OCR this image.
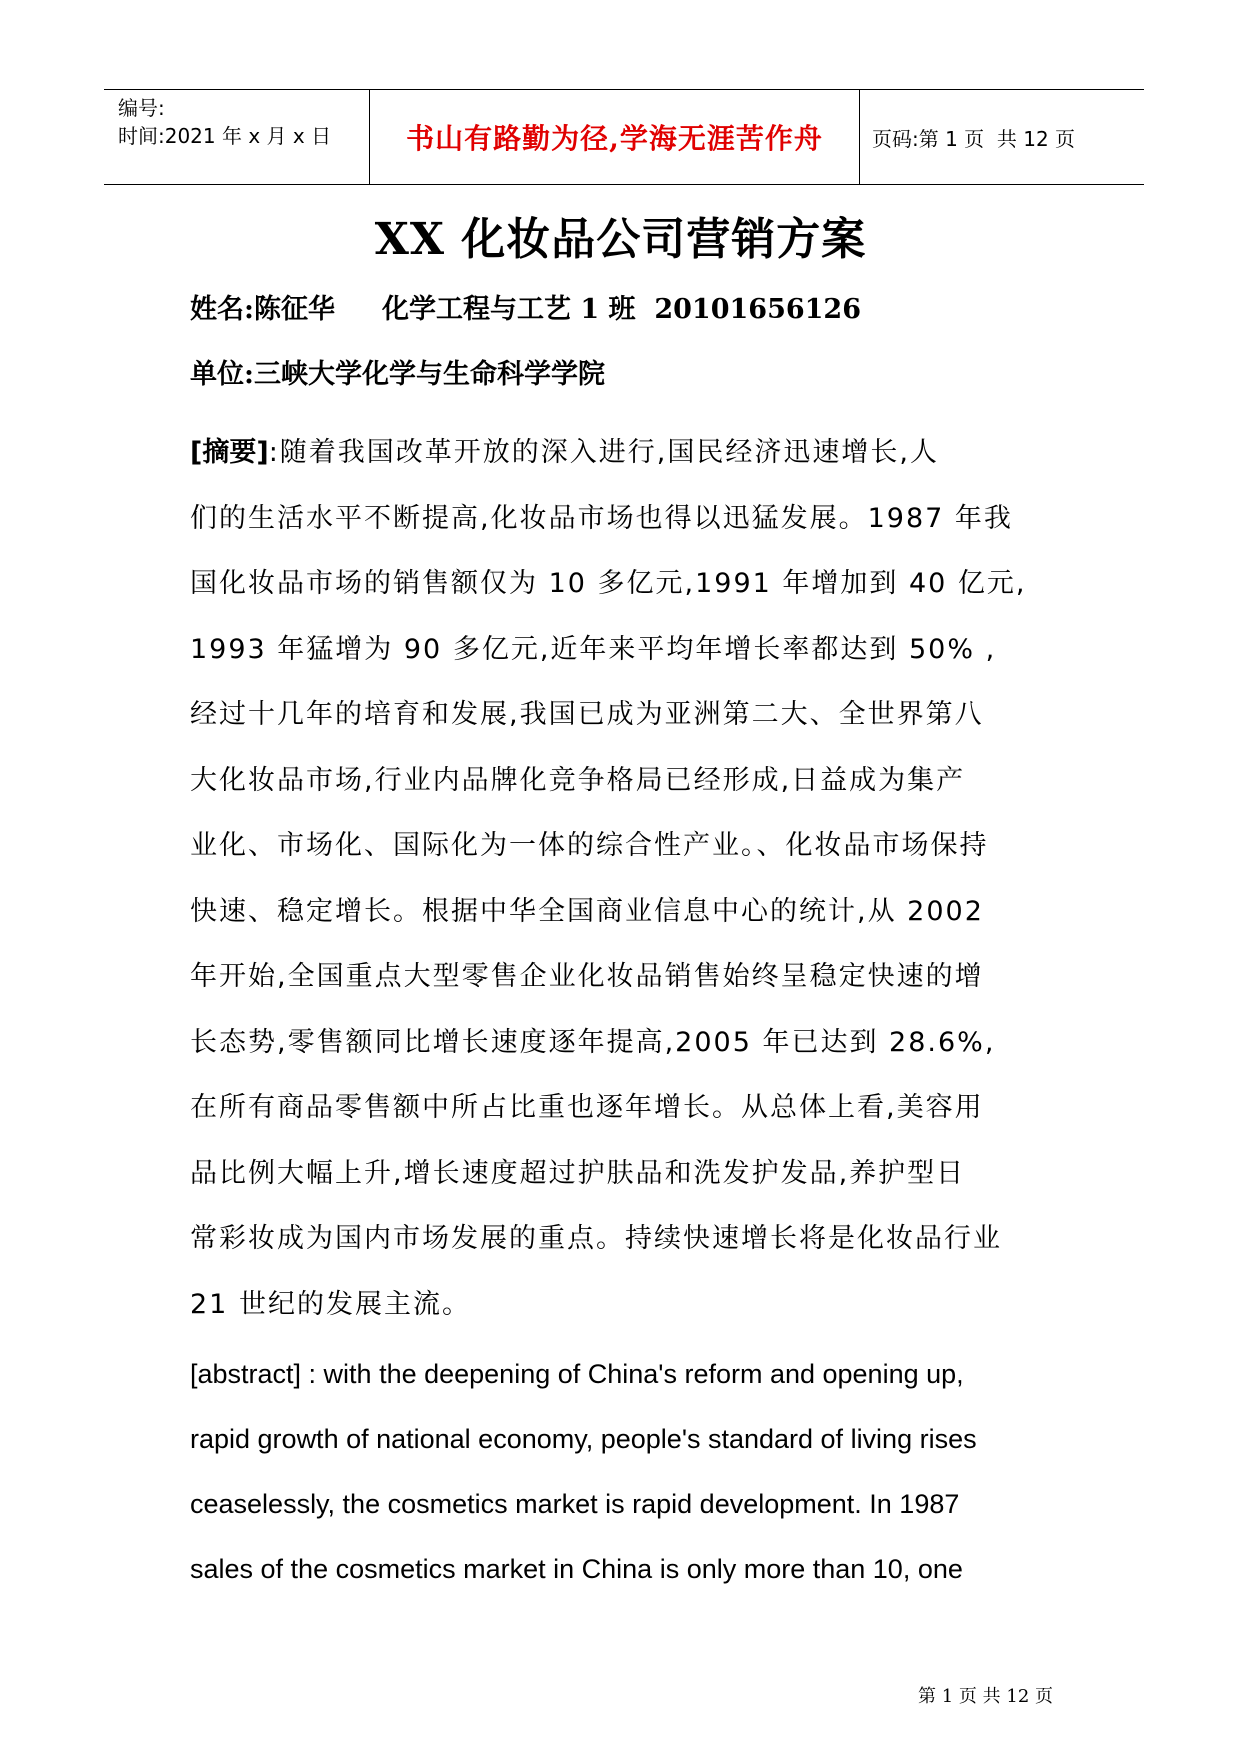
编号:
时间:2021 年 x 月 x 日	书山有路勤为径,学海无涯苦作舟 页码:第 1 页  共 12 页
XX 化妆品公司营销方案
姓名:陈征华     化学工程与工艺 1 班  20101656126
单位:三峡大学化学与生命科学学院
[摘要]:随着我国改革开放的深入进行,国民经济迅速增长,人
们的生活水平不断提高,化妆品市场也得以迅猛发展。1987 年我
国化妆品市场的销售额仅为 10 多亿元,1991 年增加到 40 亿元,
1993 年猛增为 90 多亿元,近年来平均年增长率都达到 50% ,
经过十几年的培育和发展,我国已成为亚洲第二大、全世界第八
大化妆品市场,行业内品牌化竞争格局已经形成,日益成为集产
业化、市场化、国际化为一体的综合性产业。、化妆品市场保持
快速、稳定增长。根据中华全国商业信息中心的统计,从 2002
年开始,全国重点大型零售企业化妆品销售始终呈稳定快速的增
长态势,零售额同比增长速度逐年提高,2005 年已达到 28.6%,
在所有商品零售额中所占比重也逐年增长。从总体上看,美容用
品比例大幅上升,增长速度超过护肤品和洗发护发品,养护型日
常彩妆成为国内市场发展的重点。持续快速增长将是化妆品行业
21 世纪的发展主流。
[abstract] : with the deepening of China's reform and opening up,
rapid growth of national economy, people's standard of living rises
ceaselessly, the cosmetics market is rapid development. In 1987
sales of the cosmetics market in China is only more than 10, one
第 1 页 共 12 页
